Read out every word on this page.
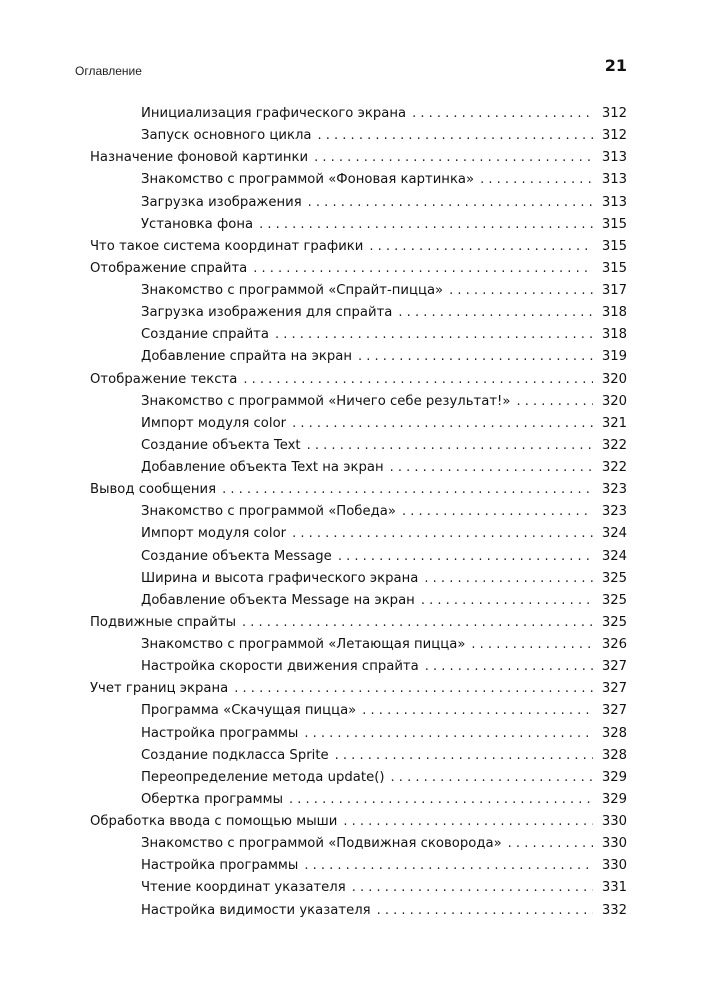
Оглавление	21
Инициализация графического экрана . . .	312
Запуск основного цикла . . .	312
Назначение фоновой картинки . . .	313
Знакомство с программой «Фоновая картинка» . . .	313
Загрузка изображения . . .	313
Установка фона . . .	315
Что такое система координат графики . . .	315
Отображение спрайта . . .	315
Знакомство с программой «Спрайт-пицца» . . .	317
Загрузка изображения для спрайта . . .	318
Создание спрайта . . .	318
Добавление спрайта на экран . . .	319
Отображение текста . . .	320
Знакомство с программой «Ничего себе результат!» . . .	320
Импорт модуля color . . .	321
Создание объекта Text . . .	322
Добавление объекта Text на экран . . .	322
Вывод сообщения . . .	323
Знакомство с программой «Победа» . . .	323
Импорт модуля color . . .	324
Создание объекта Message . . .	324
Ширина и высота графического экрана . . .	325
Добавление объекта Message на экран . . .	325
Подвижные спрайты . . .	325
Знакомство с программой «Летающая пицца» . . .	326
Настройка скорости движения спрайта . . .	327
Учет границ экрана . . .	327
Программа «Скачущая пицца» . . .	327
Настройка программы . . .	328
Создание подкласса Sprite . . .	328
Переопределение метода update() . . .	329
Обертка программы . . .	329
Обработка ввода с помощью мыши . . .	330
Знакомство с программой «Подвижная сковорода» . . .	330
Настройка программы . . .	330
Чтение координат указателя . . .	331
Настройка видимости указателя . . .	332
